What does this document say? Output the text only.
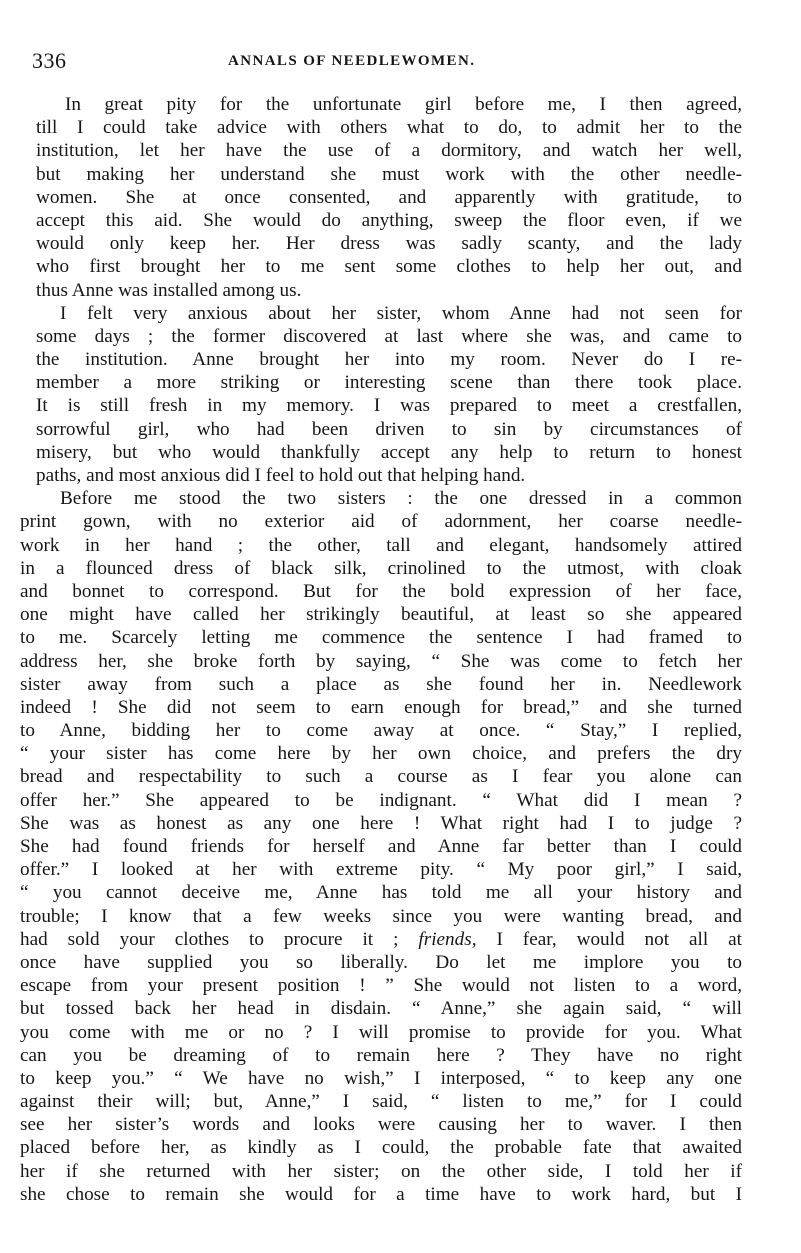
336	ANNALS OF NEEDLEWOMEN.
In great pity for the unfortunate girl before me, I then agreed,
till I could take advice with others what to do, to admit her to the
institution, let her have the use of a dormitory, and watch her well,
but making her understand she must work with the other needle-
women. She at once consented, and apparently with gratitude, to
accept this aid. She would do anything, sweep the floor even, if we
would only keep her. Her dress was sadly scanty, and the lady
who first brought her to me sent some clothes to help her out, and
thus Anne was installed among us.
I felt very anxious about her sister, whom Anne had not seen for
some days ; the former discovered at last where she was, and came to
the institution. Anne brought her into my room. Never do I re-
member a more striking or interesting scene than there took place.
It is still fresh in my memory. I was prepared to meet a crestfallen,
sorrowful girl, who had been driven to sin by circumstances of
misery, but who would thankfully accept any help to return to honest
paths, and most anxious did I feel to hold out that helping hand.
Before me stood the two sisters : the one dressed in a common
print gown, with no exterior aid of adornment, her coarse needle-
work in her hand ; the other, tall and elegant, handsomely attired
in a flounced dress of black silk, crinolined to the utmost, with cloak
and bonnet to correspond. But for the bold expression of her face,
one might have called her strikingly beautiful, at least so she appeared
to me. Scarcely letting me commence the sentence I had framed to
address her, she broke forth by saying, “ She was come to fetch her
sister away from such a place as she found her in. Needlework
indeed ! She did not seem to earn enough for bread,” and she turned
to Anne, bidding her to come away at once. “ Stay,” I replied,
“ your sister has come here by her own choice, and prefers the dry
bread and respectability to such a course as I fear you alone can
offer her.” She appeared to be indignant. “ What did I mean ?
She was as honest as any one here ! What right had I to judge ?
She had found friends for herself and Anne far better than I could
offer.” I looked at her with extreme pity. “ My poor girl,” I said,
“ you cannot deceive me, Anne has told me all your history and
trouble; I know that a few weeks since you were wanting bread, and
had sold your clothes to procure it ; friends, I fear, would not all at
once have supplied you so liberally. Do let me implore you to
escape from your present position ! ” She would not listen to a word,
but tossed back her head in disdain. “ Anne,” she again said, “ will
you come with me or no ? I will promise to provide for you. What
can you be dreaming of to remain here ? They have no right
to keep you.” “ We have no wish,” I interposed, “ to keep any one
against their will; but, Anne,” I said, “ listen to me,” for I could
see her sister’s words and looks were causing her to waver. I then
placed before her, as kindly as I could, the probable fate that awaited
her if she returned with her sister; on the other side, I told her if
she chose to remain she would for a time have to work hard, but I
